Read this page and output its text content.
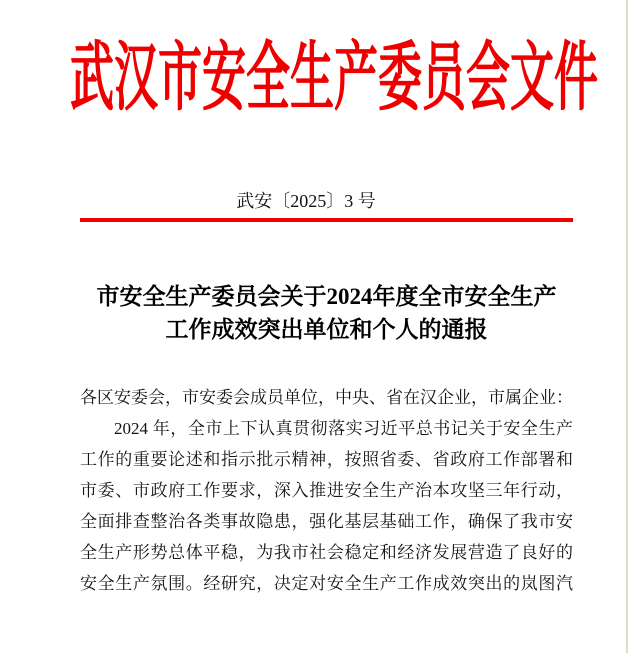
武汉市安全生产委员会文件
武安〔2025〕3 号
市安全生产委员会关于2024年度全市安全生产
工作成效突出单位和个人的通报
各区安委会，市安委会成员单位，中央、省在汉企业，市属企业：
2024 年，全市上下认真贯彻落实习近平总书记关于安全生产
工作的重要论述和指示批示精神，按照省委、省政府工作部署和
市委、市政府工作要求，深入推进安全生产治本攻坚三年行动，
全面排查整治各类事故隐患，强化基层基础工作，确保了我市安
全生产形势总体平稳，为我市社会稳定和经济发展营造了良好的
安全生产氛围。经研究，决定对安全生产工作成效突出的岚图汽
